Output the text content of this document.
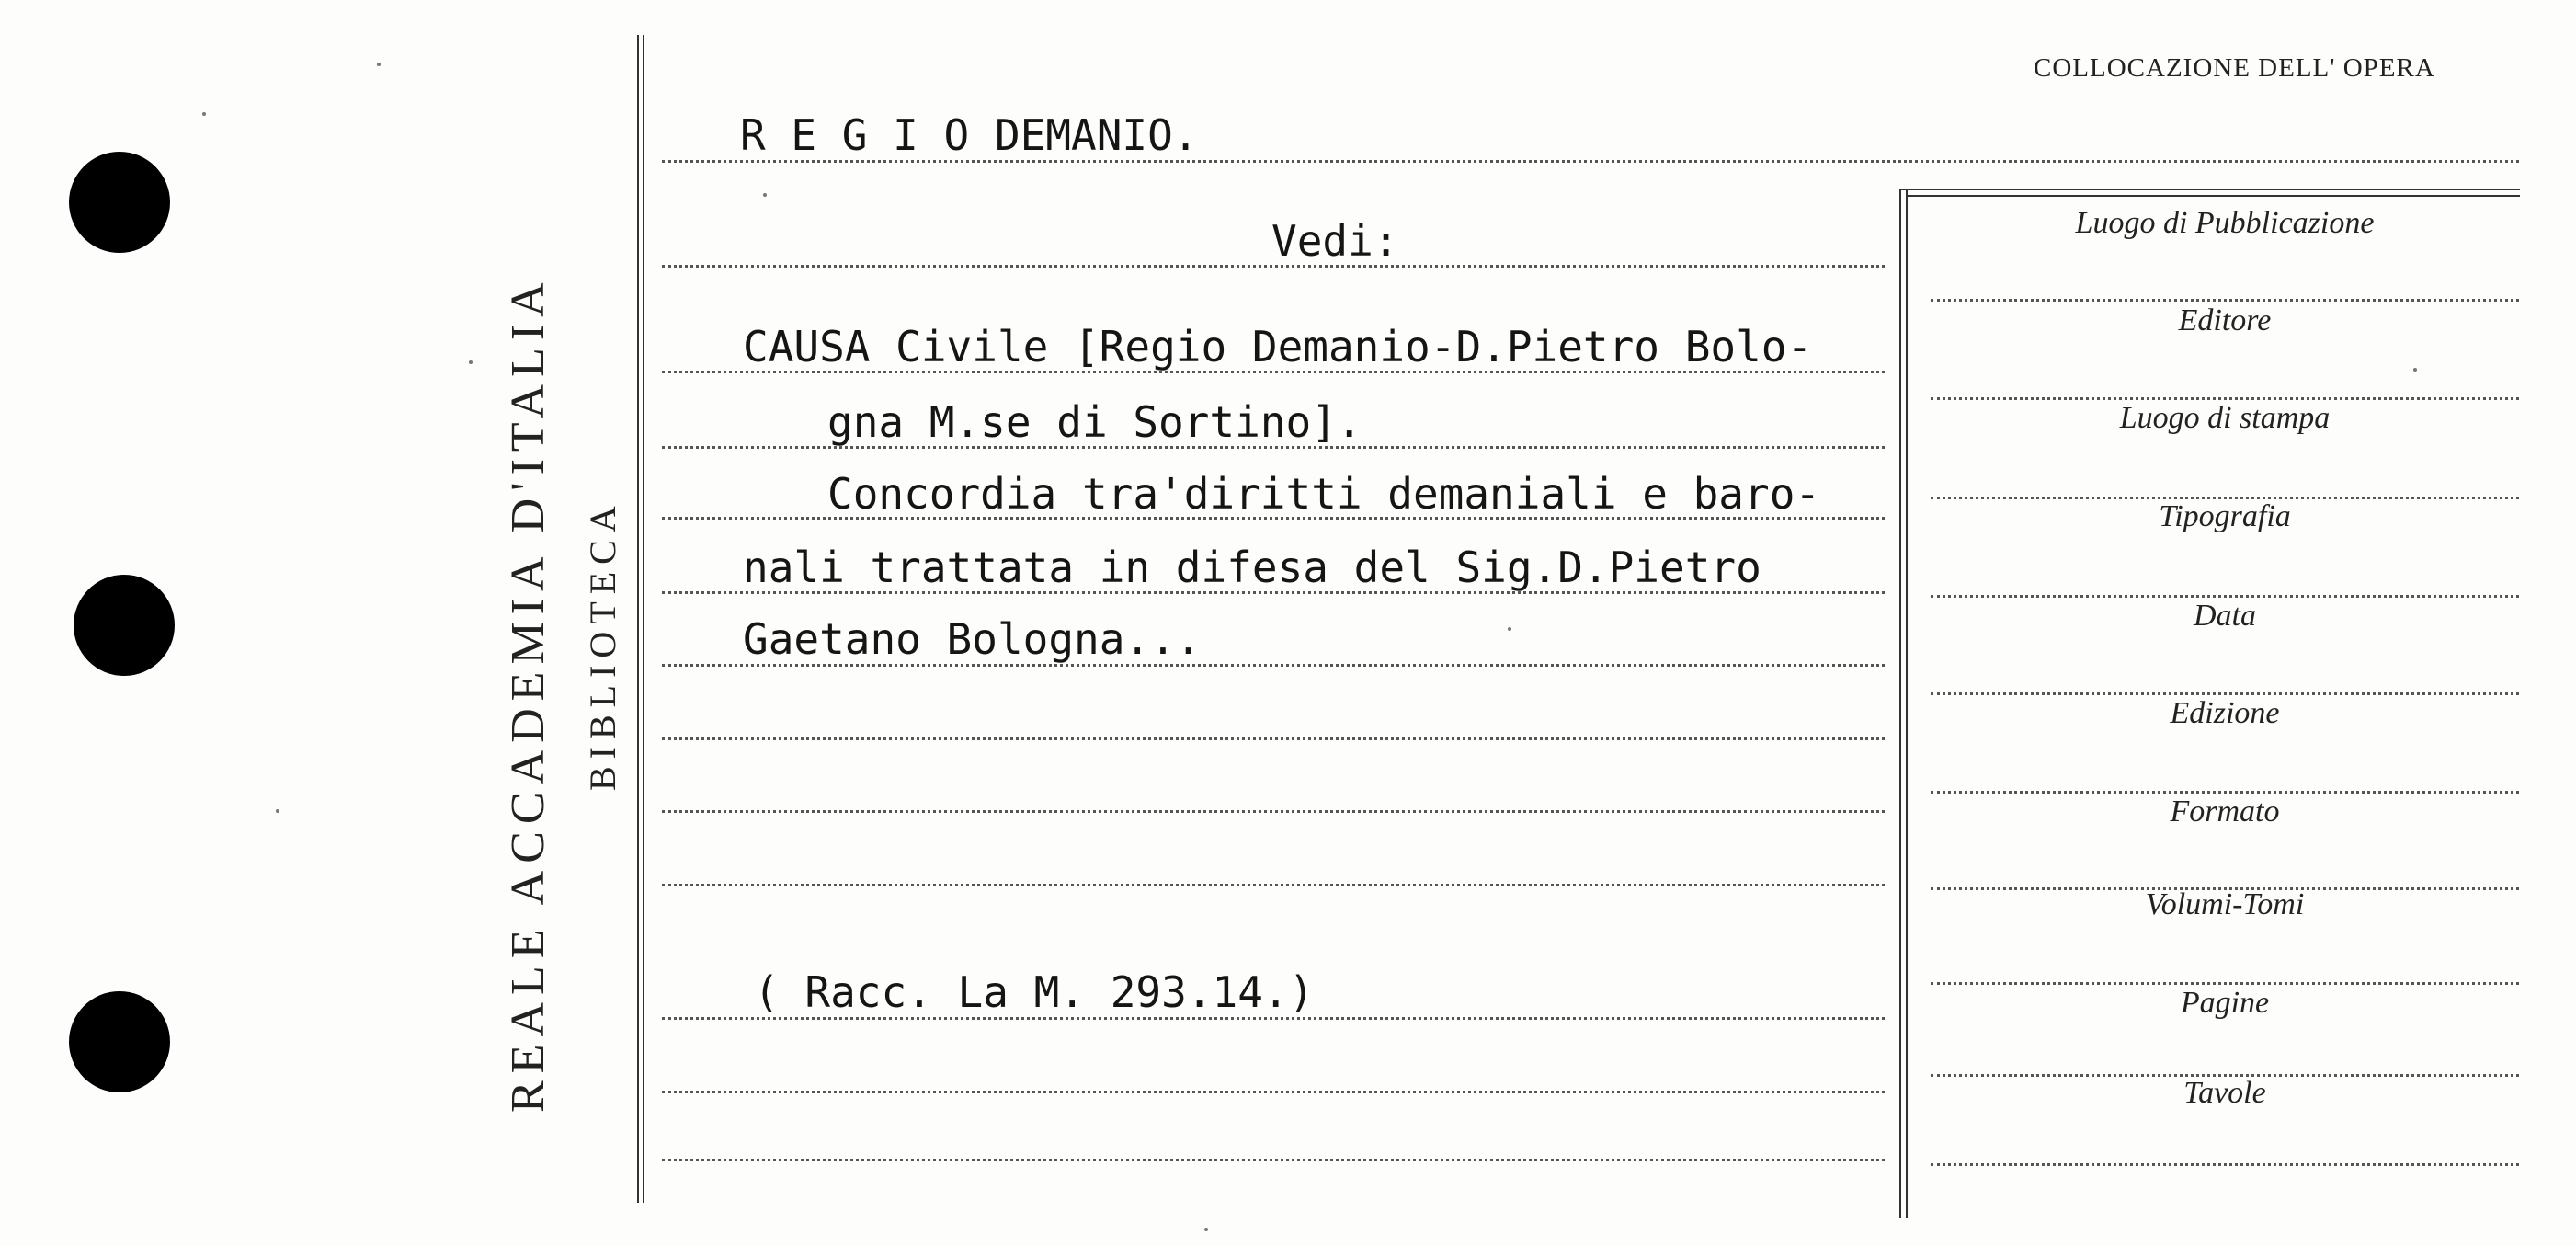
REALE ACCADEMIA D'ITALIA BIBLIOTECA
COLLOCAZIONE DELL' OPERA
R E G I O DEMANIO.
Vedi:
CAUSA Civile [Regio Demanio-D.Pietro Bolo-
gna M.se di Sortino].
Concordia tra'diritti demaniali e baro-
nali trattata in difesa del Sig.D.Pietro
Gaetano Bologna...
( Racc. La M. 293.14.)
Luogo di Pubblicazione
Editore
Luogo di stampa
Tipografia
Data
Edizione
Formato
Volumi-Tomi
Pagine
Tavole
